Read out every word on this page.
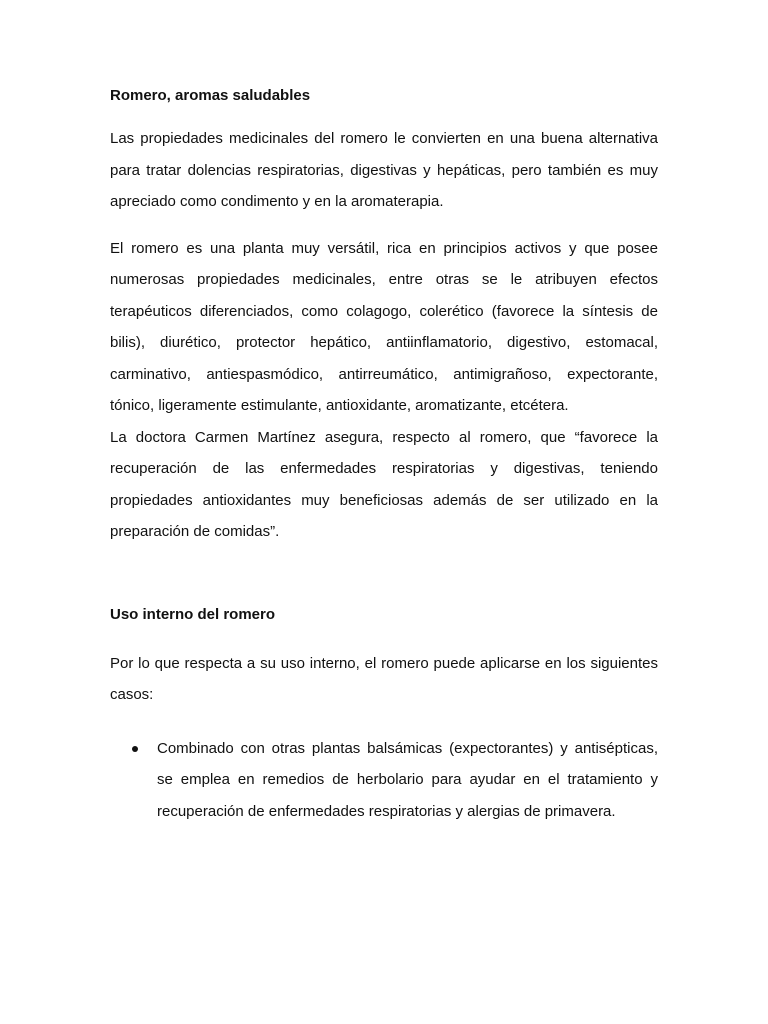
Romero, aromas saludables

Las propiedades medicinales del romero le convierten en una buena alternativa para tratar dolencias respiratorias, digestivas y hepáticas, pero también es muy apreciado como condimento y en la aromaterapia.

El romero es una planta muy versátil, rica en principios activos y que posee numerosas propiedades medicinales, entre otras se le atribuyen efectos terapéuticos diferenciados, como colagogo, colerético (favorece la síntesis de bilis), diurético, protector hepático, antiinflamatorio, digestivo, estomacal, carminativo, antiespasmódico, antirreumático, antimigrañoso, expectorante, tónico, ligeramente estimulante, antioxidante, aromatizante, etcétera.

La doctora Carmen Martínez asegura, respecto al romero, que “favorece la recuperación de las enfermedades respiratorias y digestivas, teniendo propiedades antioxidantes muy beneficiosas además de ser utilizado en la preparación de comidas”.

Uso interno del romero

Por lo que respecta a su uso interno, el romero puede aplicarse en los siguientes casos:

Combinado con otras plantas balsámicas (expectorantes) y antisépticas, se emplea en remedios de herbolario para ayudar en el tratamiento y recuperación de enfermedades respiratorias y alergias de primavera.
